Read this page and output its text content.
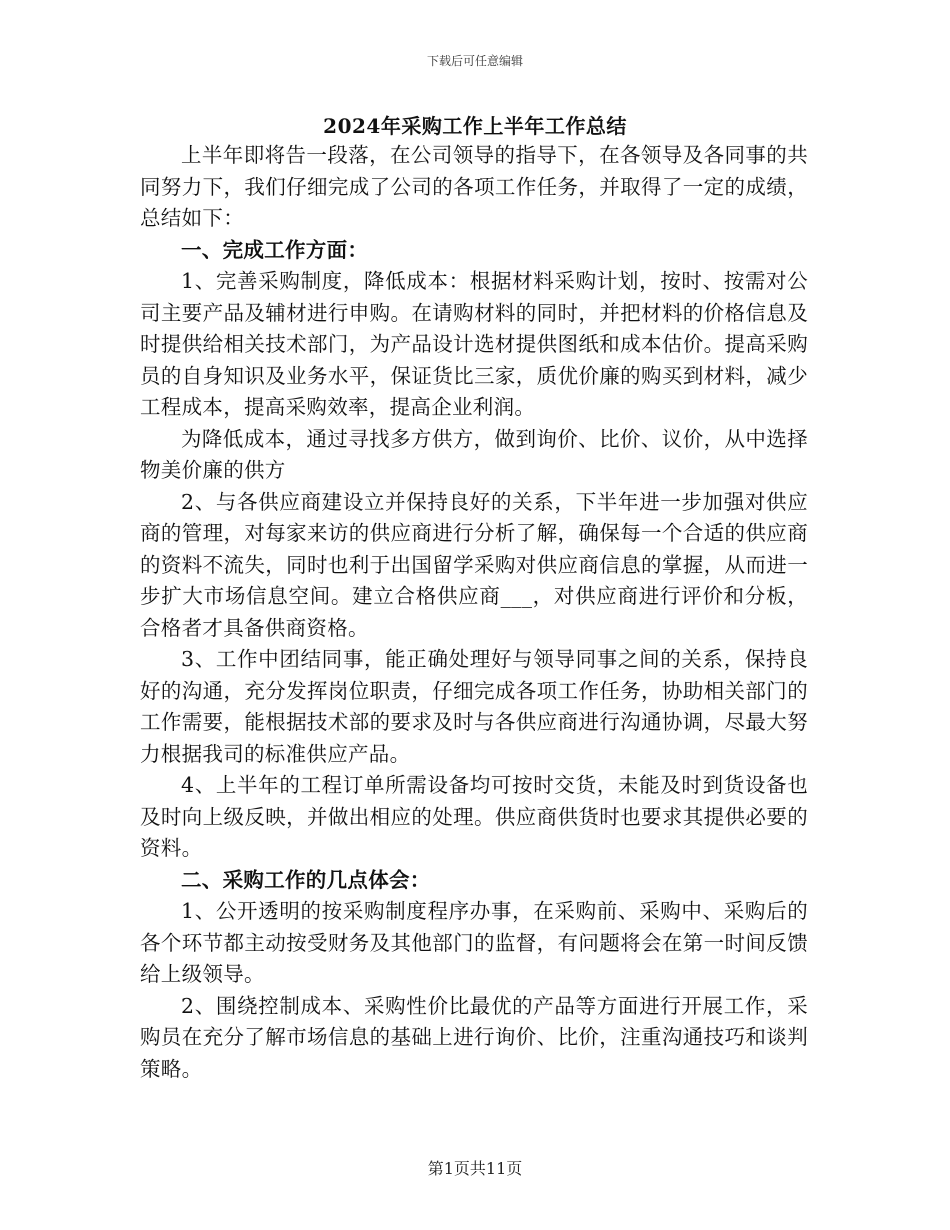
下载后可任意编辑
2024年采购工作上半年工作总结

上半年即将告一段落，在公司领导的指导下，在各领导及各同事的共同努力下，我们仔细完成了公司的各项工作任务，并取得了一定的成绩，总结如下：

一、完成工作方面：

1、完善采购制度，降低成本：根据材料采购计划，按时、按需对公司主要产品及辅材进行申购。在请购材料的同时，并把材料的价格信息及时提供给相关技术部门，为产品设计选材提供图纸和成本估价。提高采购员的自身知识及业务水平，保证货比三家，质优价廉的购买到材料，减少工程成本，提高采购效率，提高企业利润。

为降低成本，通过寻找多方供方，做到询价、比价、议价，从中选择物美价廉的供方

2、与各供应商建设立并保持良好的关系，下半年进一步加强对供应商的管理，对每家来访的供应商进行分析了解，确保每一个合适的供应商的资料不流失，同时也利于出国留学采购对供应商信息的掌握，从而进一步扩大市场信息空间。建立合格供应商___，对供应商进行评价和分板，合格者才具备供商资格。

3、工作中团结同事，能正确处理好与领导同事之间的关系，保持良好的沟通，充分发挥岗位职责，仔细完成各项工作任务，协助相关部门的工作需要，能根据技术部的要求及时与各供应商进行沟通协调，尽最大努力根据我司的标准供应产品。

4、上半年的工程订单所需设备均可按时交货，未能及时到货设备也及时向上级反映，并做出相应的处理。供应商供货时也要求其提供必要的资料。

二、采购工作的几点体会：

1、公开透明的按采购制度程序办事，在采购前、采购中、采购后的各个环节都主动按受财务及其他部门的监督，有问题将会在第一时间反馈给上级领导。

2、围绕控制成本、采购性价比最优的产品等方面进行开展工作，采购员在充分了解市场信息的基础上进行询价、比价，注重沟通技巧和谈判策略。

第1页共11页
